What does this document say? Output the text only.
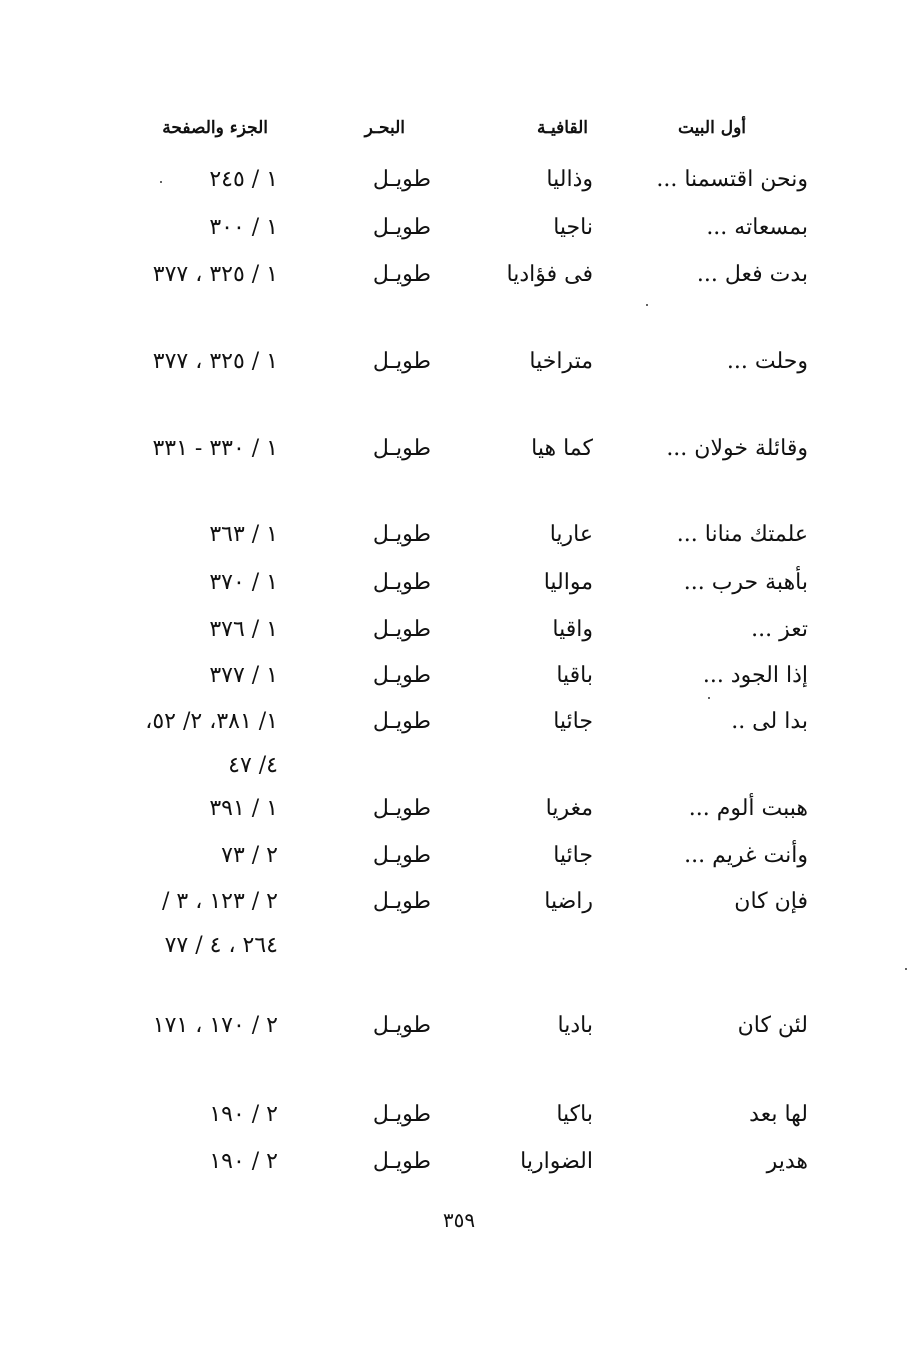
أول البيت
القافيـة
البحـر
الجزء والصفحة
ونحن اقتسمنا ...
وذاليا
طويـل
١ / ٢٤٥
بمسعاته ...
ناجيا
طويـل
١ / ٣٠٠
بدت فعل ...
فى فؤاديا
طويـل
١ / ٣٢٥ ، ٣٧٧
وحلت ...
متراخيا
طويـل
١ / ٣٢٥ ، ٣٧٧
وقائلة خولان ...
كما هيا
طويـل
١ / ٣٣٠ - ٣٣١
علمتك منانا ...
عاريا
طويـل
١ / ٣٦٣
بأهبة حرب ...
مواليا
طويـل
١ / ٣٧٠
تعز ...
واقيا
طويـل
١ / ٣٧٦
إذا الجود ...
باقيا
طويـل
١ / ٣٧٧
بدا لى ..
جائيا
طويـل
١/ ٣٨١، ٢/ ٥٢، ٤/ ٤٧
هببت ألوم ...
مغريا
طويـل
١ / ٣٩١
وأنت غريم ...
جائيا
طويـل
٢ / ٧٣
فإن كان
راضيا
طويـل
٢ / ١٢٣ ، ٣ / ٢٦٤ ، ٤ / ٧٧
لئن كان
باديا
طويـل
٢ / ١٧٠ ، ١٧١
لها بعد
باكيا
طويـل
٢ / ١٩٠
هدير
الضواريا
طويـل
٢ / ١٩٠
٣٥٩
